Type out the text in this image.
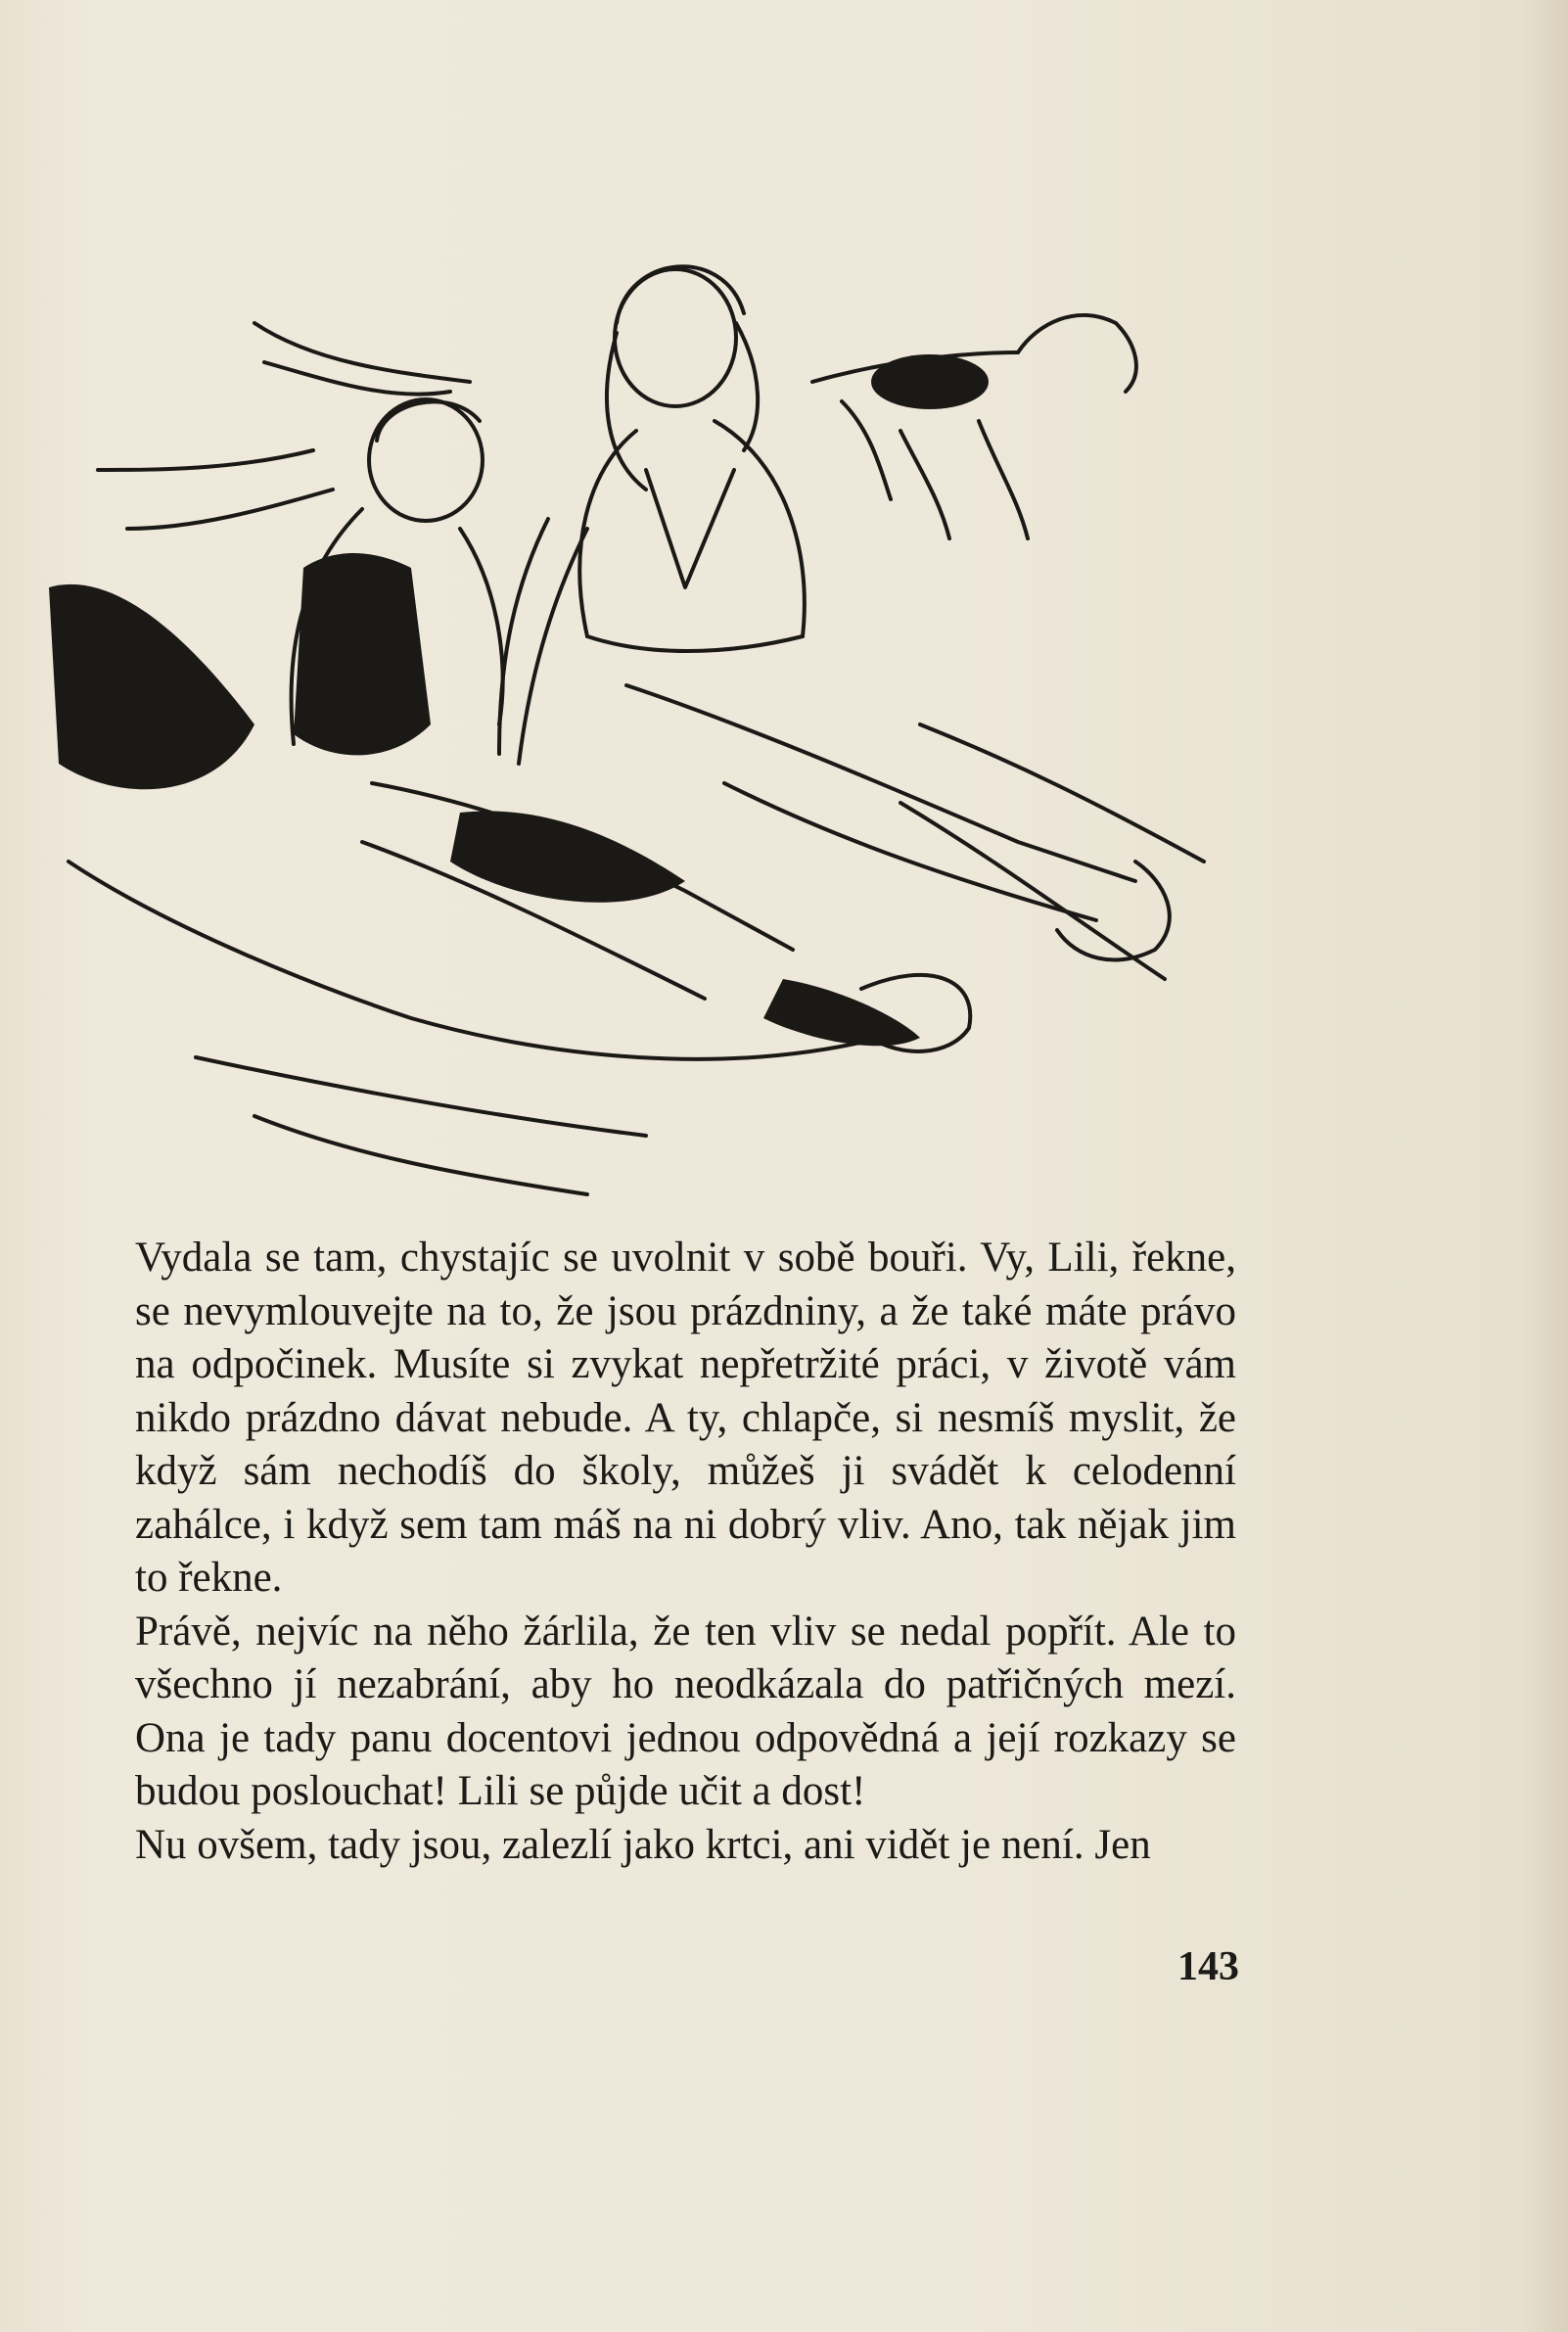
Vydala se tam, chystajíc se uvolnit v sobě bouři. Vy, Lili, řekne, se nevymlouvejte na to, že jsou prázdniny, a že také máte právo na odpočinek. Musíte si zvykat nepřetržité práci, v životě vám nikdo prázdno dávat nebude. A ty, chlapče, si nesmíš myslit, že když sám nechodíš do školy, můžeš ji svádět k celodenní zahálce, i když sem tam máš na ni dobrý vliv. Ano, tak nějak jim to řekne.

Právě, nejvíc na něho žárlila, že ten vliv se nedal popřít. Ale to všechno jí nezabrání, aby ho neodkázala do patřičných mezí. Ona je tady panu docentovi jednou odpovědná a její rozkazy se budou poslouchat! Lili se půjde učit a dost!

Nu ovšem, tady jsou, zalezlí jako krtci, ani vidět je není. Jen

143
